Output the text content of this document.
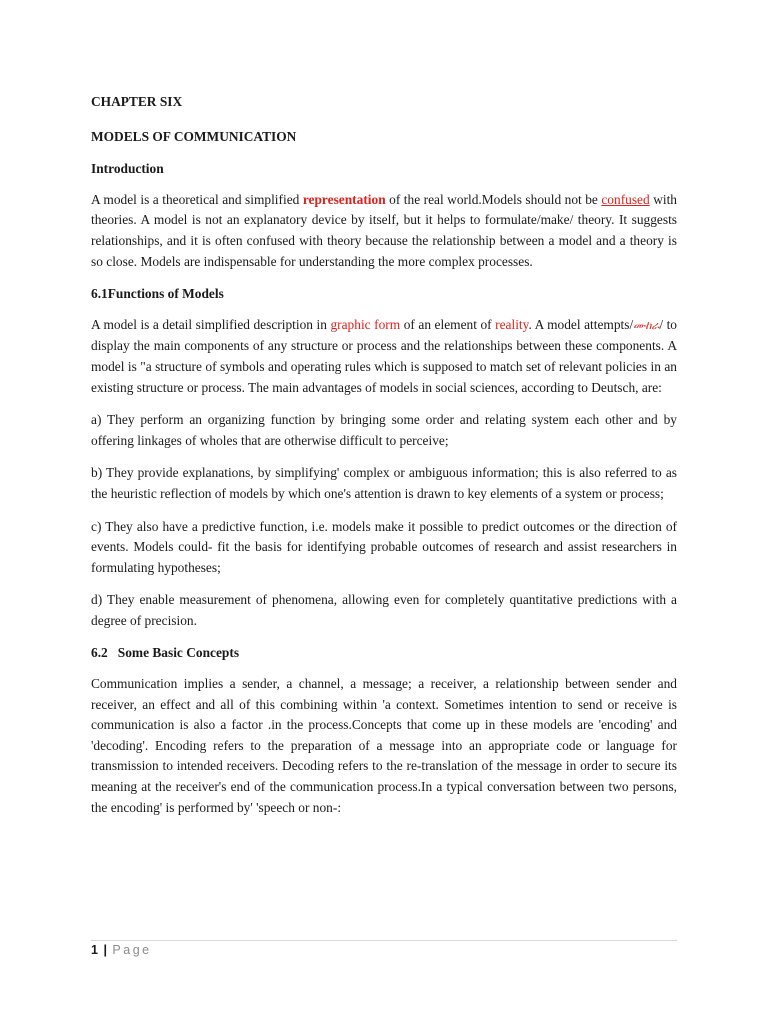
CHAPTER SIX
MODELS OF COMMUNICATION
Introduction

A model is a theoretical and simplified representation of the real world.Models should not be confused with theories. A model is not an explanatory device by itself, but it helps to formulate/make/ theory. It suggests relationships, and it is often confused with theory because the relationship between a model and a theory is so close. Models are indispensable for understanding the more complex processes.

6.1Functions of Models

A model is a detail simplified description in graphic form of an element of reality. A model attempts/ሙከራ/ to display the main components of any structure or process and the relationships between these components. A model is "a structure of symbols and operating rules which is supposed to match set of relevant policies in an existing structure or process. The main advantages of models in social sciences, according to Deutsch, are:

a) They perform an organizing function by bringing some order and relating system each other and by offering linkages of wholes that are otherwise difficult to perceive;

b) They provide explanations, by simplifying' complex or ambiguous information; this is also referred to as the heuristic reflection of models by which one's attention is drawn to key elements of a system or process;

c) They also have a predictive function, i.e. models make it possible to predict outcomes or the direction of events. Models could- fit the basis for identifying probable outcomes of research and assist researchers in formulating hypotheses;

d) They enable measurement of phenomena, allowing even for completely quantitative predictions with a degree of precision.

6.2   Some Basic Concepts

Communication implies a sender, a channel, a message; a receiver, a relationship between sender and receiver, an effect and all of this combining within 'a context. Sometimes intention to send or receive is communication is also a factor .in the process.Concepts that come up in these models are 'encoding' and 'decoding'. Encoding refers to the preparation of a message into an appropriate code or language for transmission to intended receivers. Decoding refers to the re-translation of the message in order to secure its meaning at the receiver's end of the communication process.In a typical conversation between two persons, the encoding' is performed by' 'speech or non-:

1 | Page
